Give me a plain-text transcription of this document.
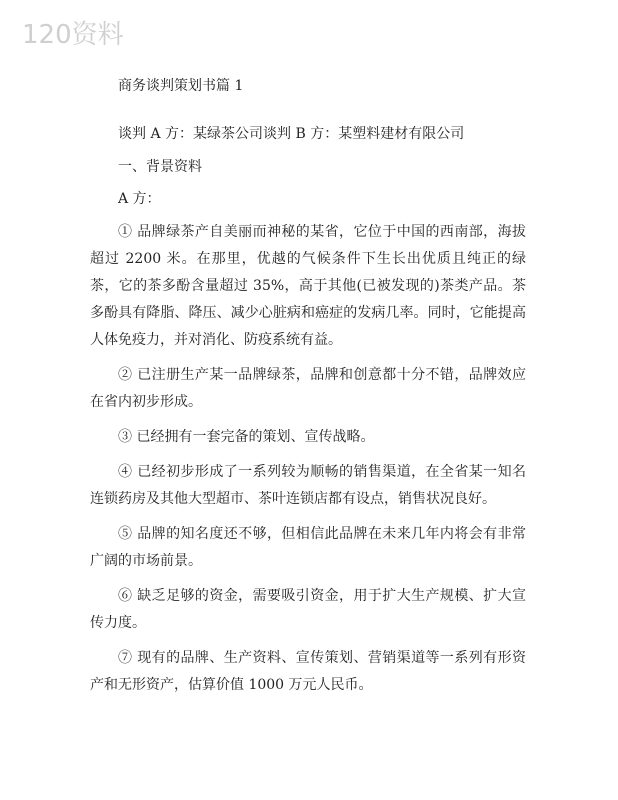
120资料
商务谈判策划书篇 1
谈判 A 方：某绿茶公司谈判 B 方：某塑料建材有限公司
一、背景资料
A 方：
① 品牌绿茶产自美丽而神秘的某省，它位于中国的西南部，海拔超过 2200 米。在那里，优越的气候条件下生长出优质且纯正的绿茶，它的茶多酚含量超过 35%，高于其他(已被发现的)茶类产品。茶多酚具有降脂、降压、减少心脏病和癌症的发病几率。同时，它能提高人体免疫力，并对消化、防疫系统有益。
② 已注册生产某一品牌绿茶，品牌和创意都十分不错，品牌效应在省内初步形成。
③ 已经拥有一套完备的策划、宣传战略。
④ 已经初步形成了一系列较为顺畅的销售渠道，在全省某一知名连锁药房及其他大型超市、茶叶连锁店都有设点，销售状况良好。
⑤ 品牌的知名度还不够，但相信此品牌在未来几年内将会有非常广阔的市场前景。
⑥ 缺乏足够的资金，需要吸引资金，用于扩大生产规模、扩大宣传力度。
⑦ 现有的品牌、生产资料、宣传策划、营销渠道等一系列有形资产和无形资产，估算价值 1000 万元人民币。
